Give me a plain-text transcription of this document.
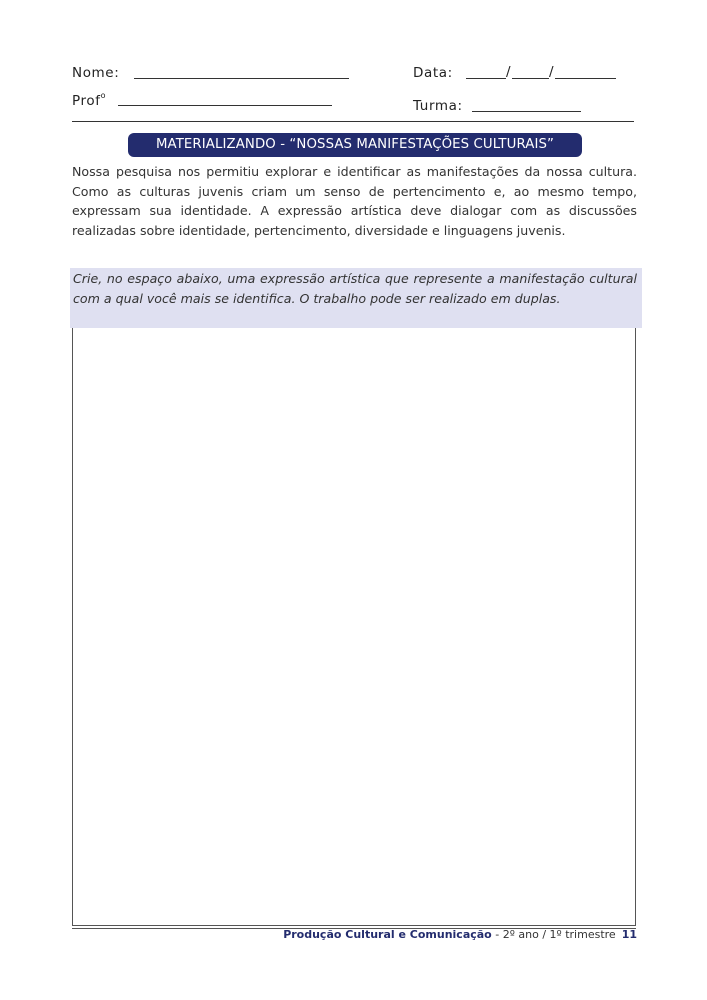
Nome:	Data:	/	/
Prof$^o$
Turma:
MATERIALIZANDO - “NOSSAS MANIFESTAÇÕES CULTURAIS”

Nossa pesquisa nos permitiu explorar e identificar as manifestações da nossa cultura. Como as culturas juvenis criam um senso de pertencimento e, ao mesmo tempo, expressam sua identidade. A expressão artística deve dialogar com as discussões realizadas sobre identidade, pertencimento, diversidade e linguagens juvenis.

Crie, no espaço abaixo, uma expressão artística que represente a manifestação cultural com a qual você mais se identifica. O trabalho pode ser realizado em duplas.
Produção Cultural e Comunicação - 2º ano / 1º trimestre 11
